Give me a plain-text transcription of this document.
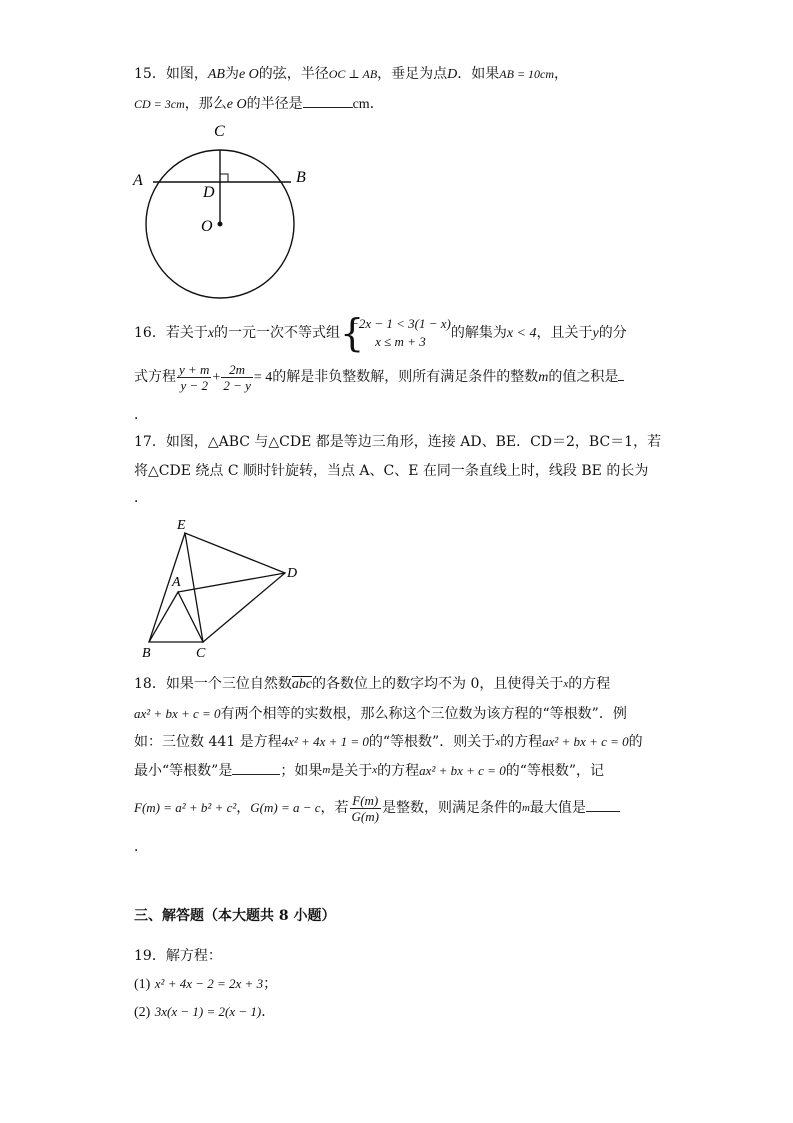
15．如图，AB为e O的弦，半径OC ⊥ AB，垂足为点D．如果AB = 10cm，
CD = 3cm，那么e O的半径是	cm．
C
A	B
D
O
16．若关于x的一元一次不等式组 {
−2x − 1 < 3(1 − x)
x ≤ m + 3
的解集为x < 4，且关于y的分
式方程 $\frac{y + m}{y - 2} + \frac{2m}{2 - y} = 4$的解是非负整数解，则所有满足条件的整数m的值之积是
．
17．如图，△ABC 与△CDE 都是等边三角形，连接 AD、BE．CD＝2，BC＝1，若
将△CDE 绕点 C 顺时针旋转，当点 A、C、E 在同一条直线上时，线段 BE 的长为
．
E
A
D
B	C
18．如果一个三位自然数$\overline{abc}$的各数位上的数字均不为 0，且使得关于$^x$的方程
ax² + bx + c = 0有两个相等的实数根，那么称这个三位数为该方程的“等根数”．例
如：三位数 441 是方程4x² + 4x + 1 = 0的“等根数”．则关于$^x$的方程ax² + bx + c = 0的
最小“等根数”是	；如果$^m$是关于$^x$的方程ax² + bx + c = 0的“等根数”，记
F(m) = a² + b² + c²，G(m) = a − c，若 $\frac{F(m)}{G(m)}$ 是整数，则满足条件的$^m$最大值是
．
三、解答题（本大题共 8 小题）
19．解方程：
(1) x² + 4x − 2 = 2x + 3；
(2) 3x(x − 1) = 2(x − 1)．
